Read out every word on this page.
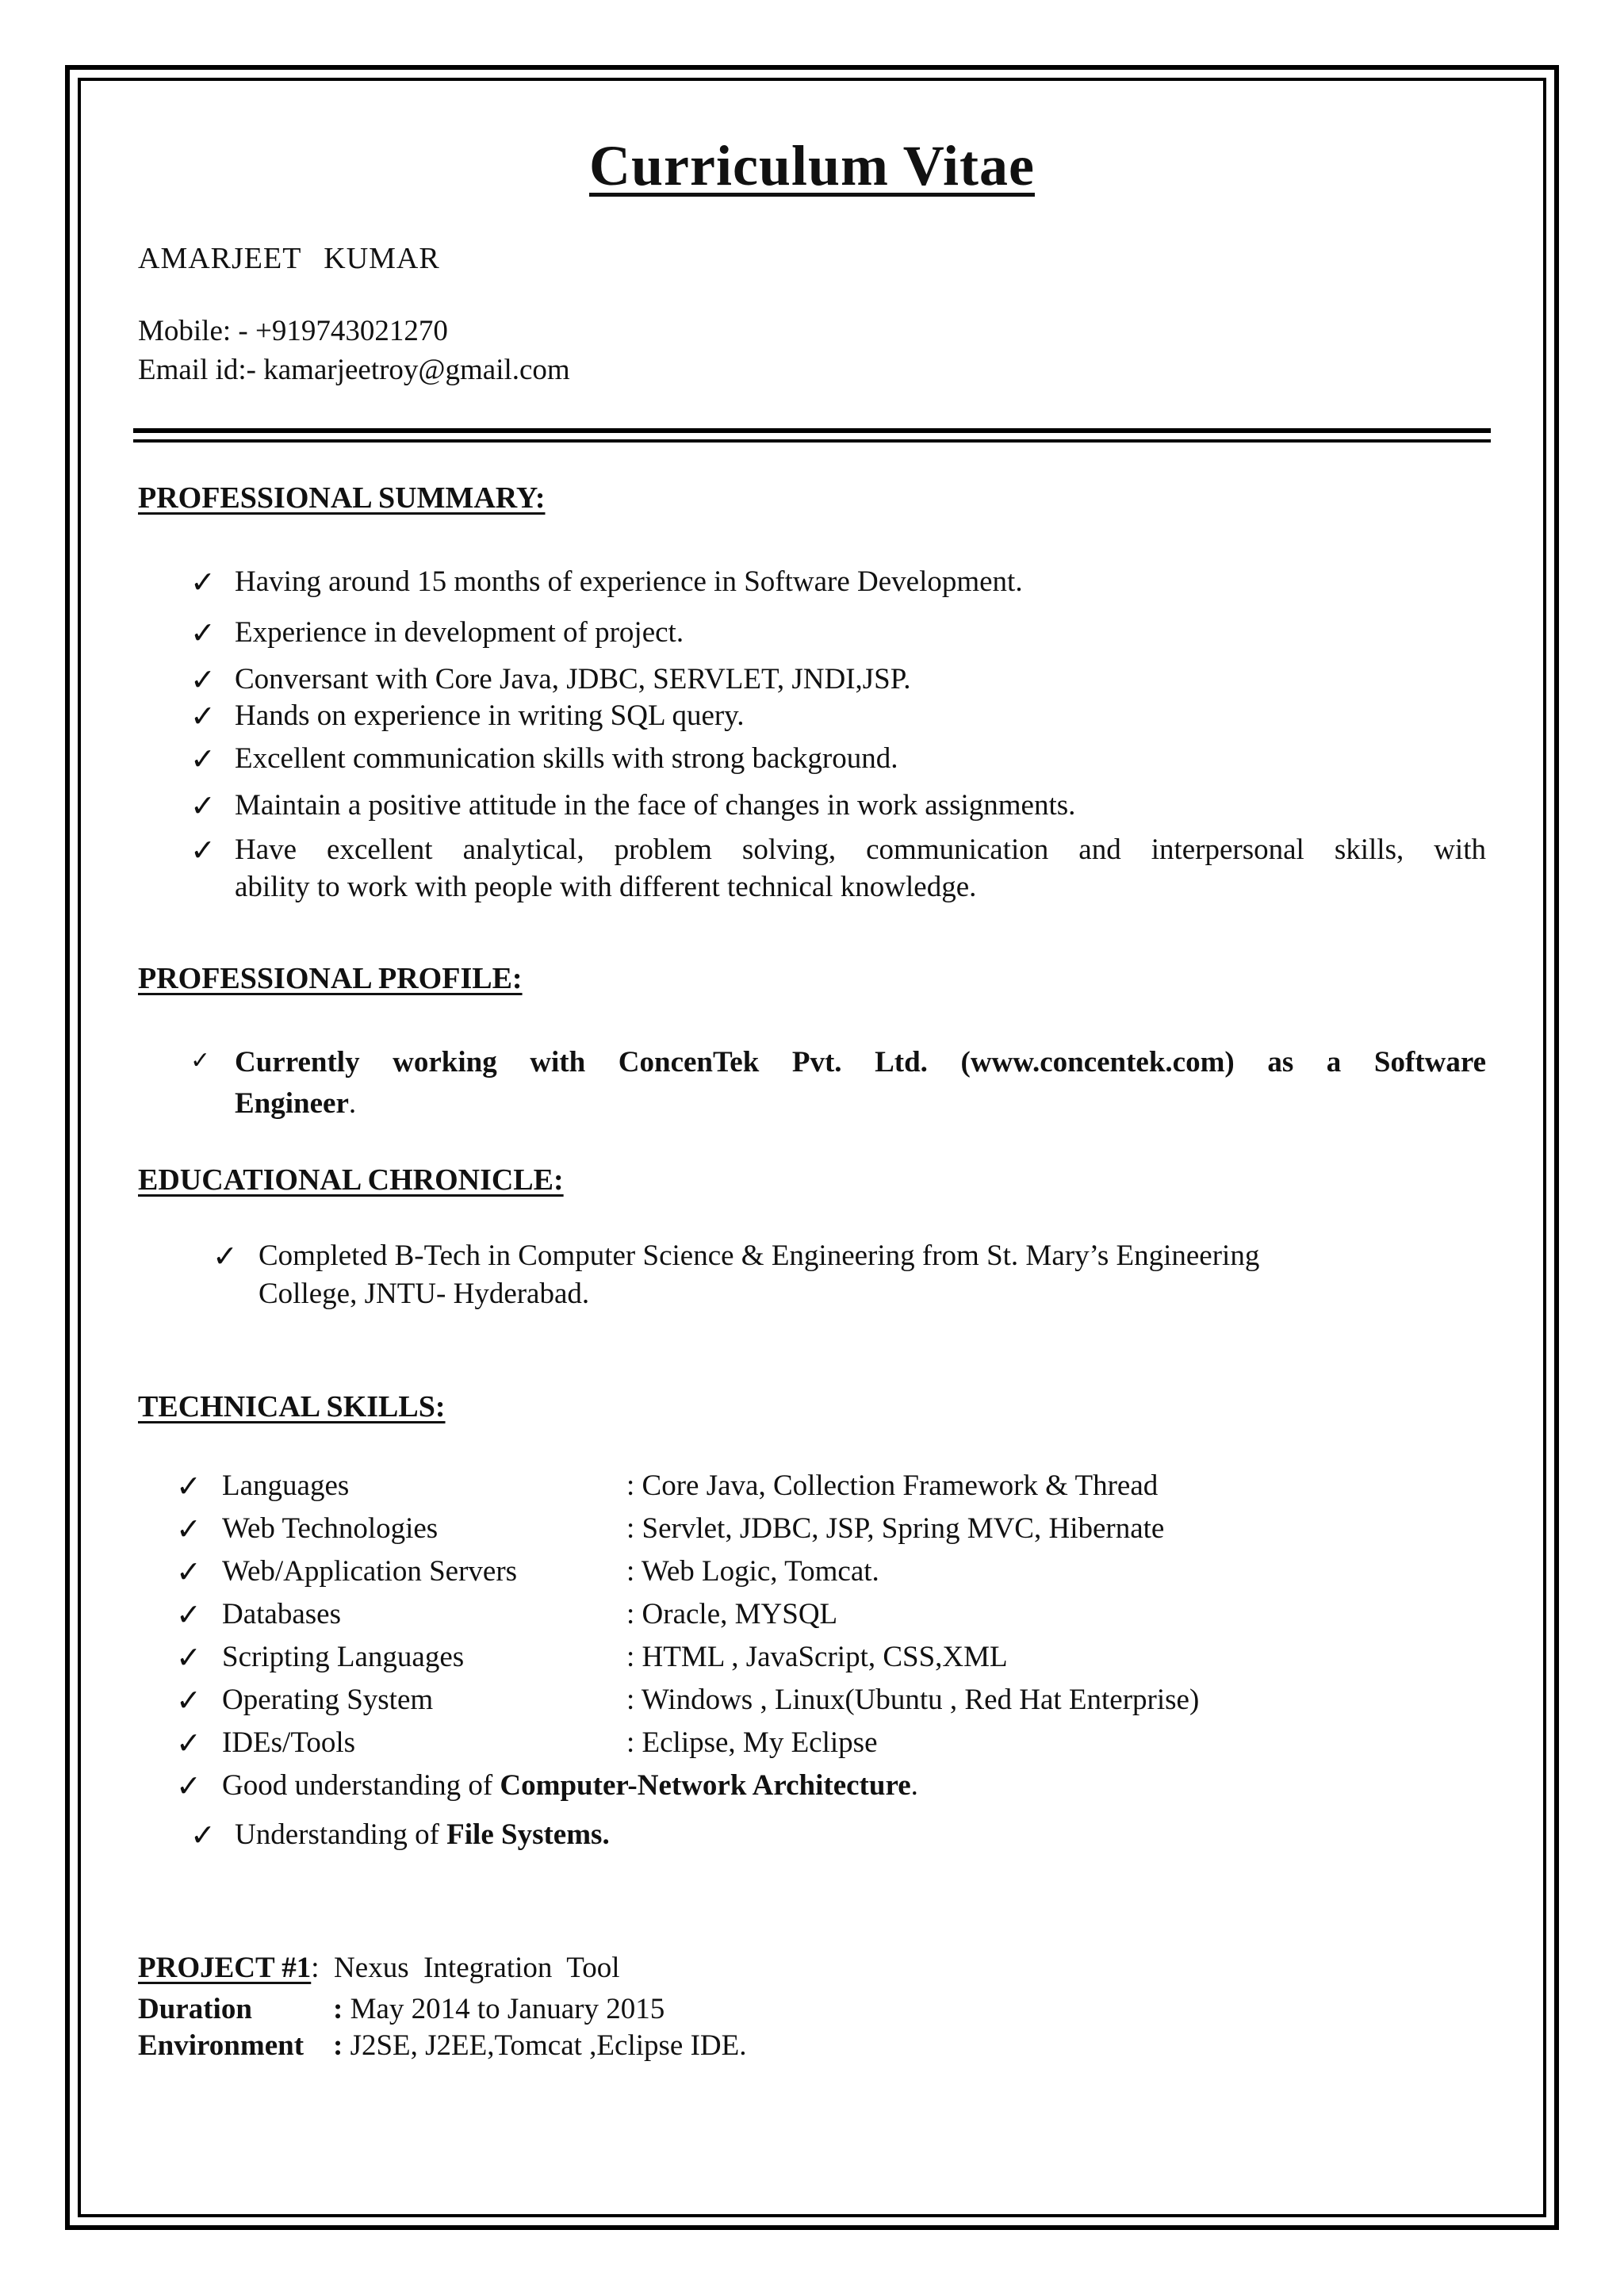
Curriculum Vitae
AMARJEET KUMAR
Mobile: - +919743021270
Email id:- kamarjeetroy@gmail.com
PROFESSIONAL SUMMARY:
✓ Having around 15 months of experience in Software Development.
✓ Experience in development of project.
✓ Conversant with Core Java, JDBC, SERVLET, JNDI,JSP.
✓ Hands on experience in writing SQL query.
✓ Excellent communication skills with strong background.
✓ Maintain a positive attitude in the face of changes in work assignments.
✓ Have excellent analytical, problem solving, communication and interpersonal skills, with
ability to work with people with different technical knowledge.
PROFESSIONAL PROFILE:
✓ Currently working with ConcenTek Pvt. Ltd. (www.concentek.com) as a Software
Engineer.
EDUCATIONAL CHRONICLE:
✓ Completed B-Tech in Computer Science & Engineering from St. Mary’s Engineering
College, JNTU- Hyderabad.
TECHNICAL SKILLS:
✓ Languages	: Core Java, Collection Framework & Thread
✓ Web Technologies	: Servlet, JDBC, JSP, Spring MVC, Hibernate
✓ Web/Application Servers	: Web Logic, Tomcat.
✓ Databases	: Oracle, MYSQL
✓ Scripting Languages	: HTML , JavaScript, CSS,XML
✓ Operating System	: Windows , Linux(Ubuntu , Red Hat Enterprise)
✓ IDEs/Tools	: Eclipse, My Eclipse
✓ Good understanding of Computer-Network Architecture.
✓ Understanding of File Systems.
PROJECT #1:  Nexus  Integration  Tool
Duration	: May 2014 to January 2015
Environment : J2SE, J2EE,Tomcat ,Eclipse IDE.
